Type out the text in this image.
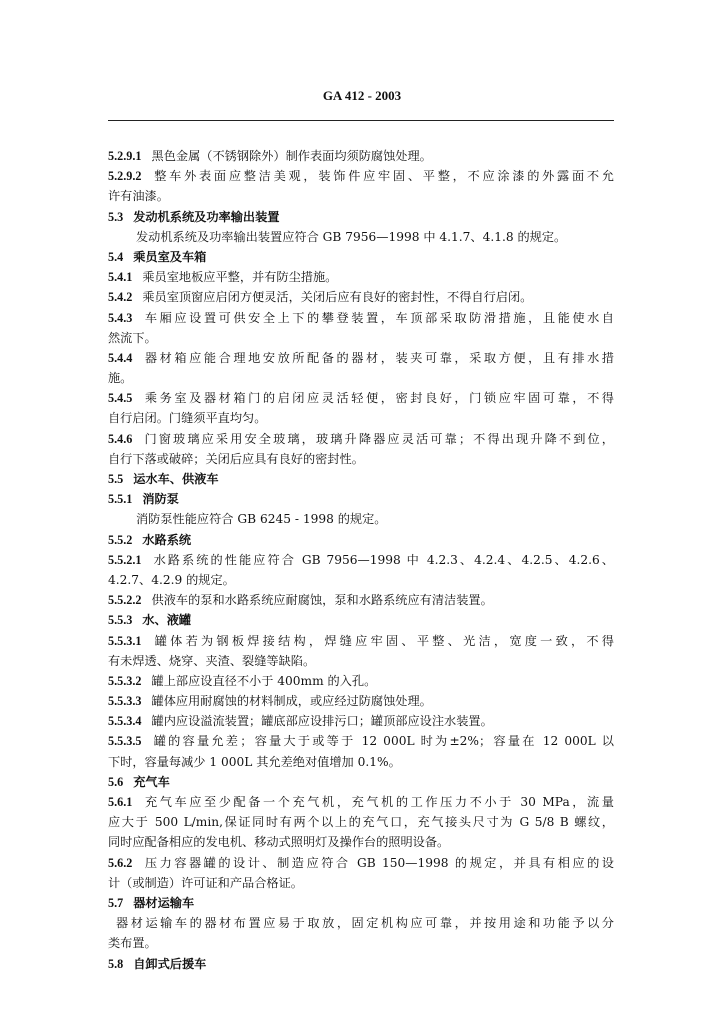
GA 412 - 2003
5.2.9.1 黑色金属（不锈钢除外）制作表面均须防腐蚀处理。
5.2.9.2 整车外表面应整洁美观，装饰件应牢固、平整，不应涂漆的外露面不允
许有油漆。
5.3 发动机系统及功率输出装置
发动机系统及功率输出装置应符合 GB 7956—1998 中 4.1.7、4.1.8 的规定。
5.4 乘员室及车箱
5.4.1 乘员室地板应平整，并有防尘措施。
5.4.2 乘员室顶窗应启闭方便灵活，关闭后应有良好的密封性，不得自行启闭。
5.4.3 车厢应设置可供安全上下的攀登装置，车顶部采取防滑措施，且能使水自
然流下。
5.4.4 器材箱应能合理地安放所配备的器材，装夹可靠，采取方便，且有排水措
施。
5.4.5 乘务室及器材箱门的启闭应灵活轻便，密封良好，门锁应牢固可靠，不得
自行启闭。门缝须平直均匀。
5.4.6 门窗玻璃应采用安全玻璃，玻璃升降器应灵活可靠；不得出现升降不到位，
自行下落或破碎；关闭后应具有良好的密封性。
5.5 运水车、供液车
5.5.1 消防泵
消防泵性能应符合 GB 6245 - 1998 的规定。
5.5.2 水路系统
5.5.2.1 水路系统的性能应符合 GB 7956—1998 中 4.2.3、4.2.4、4.2.5、4.2.6、
4.2.7、4.2.9 的规定。
5.5.2.2 供液车的泵和水路系统应耐腐蚀，泵和水路系统应有清洁装置。
5.5.3 水、液罐
5.5.3.1 罐体若为钢板焊接结构，焊缝应牢固、平整、光洁，宽度一致，不得
有未焊透、烧穿、夹渣、裂缝等缺陷。
5.5.3.2 罐上部应设直径不小于 400mm 的入孔。
5.5.3.3 罐体应用耐腐蚀的材料制成，或应经过防腐蚀处理。
5.5.3.4 罐内应设溢流装置；罐底部应设排污口；罐顶部应设注水装置。
5.5.3.5 罐的容量允差；容量大于或等于 12 000L 时为±2%；容量在 12 000L 以
下时，容量每减少 1 000L 其允差绝对值增加 0.1%。
5.6 充气车
5.6.1 充气车应至少配备一个充气机，充气机的工作压力不小于 30 MPa，流量
应大于 500 L/min,保证同时有两个以上的充气口，充气接头尺寸为 G 5/8 B 螺纹，
同时应配备相应的发电机、移动式照明灯及操作台的照明设备。
5.6.2 压力容器罐的设计、制造应符合 GB 150—1998 的规定，并具有相应的设
计（或制造）许可证和产品合格证。
5.7 器材运输车
器材运输车的器材布置应易于取放，固定机构应可靠，并按用途和功能予以分
类布置。
5.8 自卸式后援车
